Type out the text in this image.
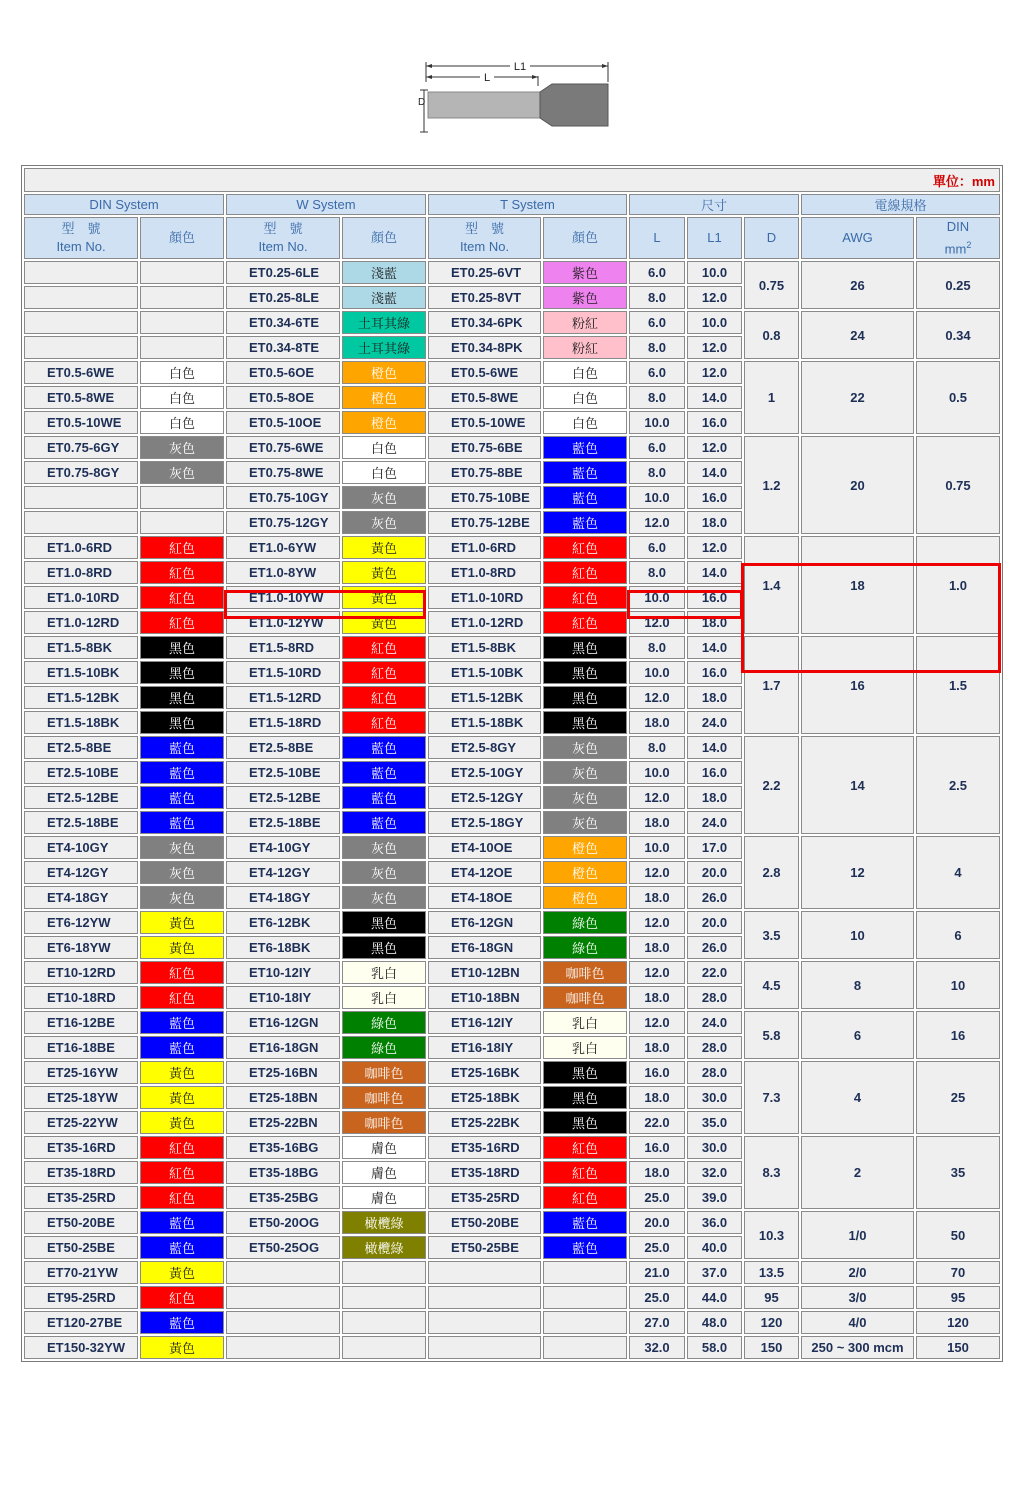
L1
L
D
單位：mm										
DIN System		W System		T System		尺寸			電線規格	
型　號
Item No.	顏色	型　號
Item No.	顏色	型　號
Item No.	顏色	L	L1	D	AWG	DIN
$mm^2$
		ET0.25-6LE	淺藍	ET0.25-6VT	紫色	6.0	10.0	0.75	26	0.25
		ET0.25-8LE	淺藍	ET0.25-8VT	紫色	8.0	12.0			
		ET0.34-6TE	土耳其綠	ET0.34-6PK	粉紅	6.0	10.0	0.8	24	0.34
		ET0.34-8TE	土耳其綠	ET0.34-8PK	粉紅	8.0	12.0			
ET0.5-6WE	白色	ET0.5-6OE	橙色	ET0.5-6WE	白色	6.0	12.0	1	22	0.5
ET0.5-8WE	白色	ET0.5-8OE	橙色	ET0.5-8WE	白色	8.0	14.0			
ET0.5-10WE	白色	ET0.5-10OE	橙色	ET0.5-10WE	白色	10.0	16.0			
ET0.75-6GY	灰色	ET0.75-6WE	白色	ET0.75-6BE	藍色	6.0	12.0	1.2	20	0.75
ET0.75-8GY	灰色	ET0.75-8WE	白色	ET0.75-8BE	藍色	8.0	14.0			
		ET0.75-10GY	灰色	ET0.75-10BE	藍色	10.0	16.0			
		ET0.75-12GY	灰色	ET0.75-12BE	藍色	12.0	18.0			
ET1.0-6RD	紅色	ET1.0-6YW	黃色	ET1.0-6RD	紅色	6.0	12.0	1.4	18	1.0
ET1.0-8RD	紅色	ET1.0-8YW	黃色	ET1.0-8RD	紅色	8.0	14.0			
ET1.0-10RD	紅色	ET1.0-10YW	黃色	ET1.0-10RD	紅色	10.0	16.0			
ET1.0-12RD	紅色	ET1.0-12YW	黃色	ET1.0-12RD	紅色	12.0	18.0			
ET1.5-8BK	黑色	ET1.5-8RD	紅色	ET1.5-8BK	黑色	8.0	14.0	1.7	16	1.5
ET1.5-10BK	黑色	ET1.5-10RD	紅色	ET1.5-10BK	黑色	10.0	16.0			
ET1.5-12BK	黑色	ET1.5-12RD	紅色	ET1.5-12BK	黑色	12.0	18.0			
ET1.5-18BK	黑色	ET1.5-18RD	紅色	ET1.5-18BK	黑色	18.0	24.0			
ET2.5-8BE	藍色	ET2.5-8BE	藍色	ET2.5-8GY	灰色	8.0	14.0	2.2	14	2.5
ET2.5-10BE	藍色	ET2.5-10BE	藍色	ET2.5-10GY	灰色	10.0	16.0			
ET2.5-12BE	藍色	ET2.5-12BE	藍色	ET2.5-12GY	灰色	12.0	18.0			
ET2.5-18BE	藍色	ET2.5-18BE	藍色	ET2.5-18GY	灰色	18.0	24.0			
ET4-10GY	灰色	ET4-10GY	灰色	ET4-10OE	橙色	10.0	17.0	2.8	12	4
ET4-12GY	灰色	ET4-12GY	灰色	ET4-12OE	橙色	12.0	20.0			
ET4-18GY	灰色	ET4-18GY	灰色	ET4-18OE	橙色	18.0	26.0			
ET6-12YW	黃色	ET6-12BK	黑色	ET6-12GN	綠色	12.0	20.0	3.5	10	6
ET6-18YW	黃色	ET6-18BK	黑色	ET6-18GN	綠色	18.0	26.0			
ET10-12RD	紅色	ET10-12IY	乳白	ET10-12BN	咖啡色	12.0	22.0	4.5	8	10
ET10-18RD	紅色	ET10-18IY	乳白	ET10-18BN	咖啡色	18.0	28.0			
ET16-12BE	藍色	ET16-12GN	綠色	ET16-12IY	乳白	12.0	24.0	5.8	6	16
ET16-18BE	藍色	ET16-18GN	綠色	ET16-18IY	乳白	18.0	28.0			
ET25-16YW	黃色	ET25-16BN	咖啡色	ET25-16BK	黑色	16.0	28.0	7.3	4	25
ET25-18YW	黃色	ET25-18BN	咖啡色	ET25-18BK	黑色	18.0	30.0			
ET25-22YW	黃色	ET25-22BN	咖啡色	ET25-22BK	黑色	22.0	35.0			
ET35-16RD	紅色	ET35-16BG	膚色	ET35-16RD	紅色	16.0	30.0	8.3	2	35
ET35-18RD	紅色	ET35-18BG	膚色	ET35-18RD	紅色	18.0	32.0			
ET35-25RD	紅色	ET35-25BG	膚色	ET35-25RD	紅色	25.0	39.0			
ET50-20BE	藍色	ET50-20OG	橄欖綠	ET50-20BE	藍色	20.0	36.0	10.3	1/0	50
ET50-25BE	藍色	ET50-25OG	橄欖綠	ET50-25BE	藍色	25.0	40.0			
ET70-21YW	黃色					21.0	37.0	13.5	2/0	70
ET95-25RD	紅色					25.0	44.0	95	3/0	95
ET120-27BE	藍色					27.0	48.0	120	4/0	120
ET150-32YW	黃色					32.0	58.0	150	250 ~ 300 mcm	150
